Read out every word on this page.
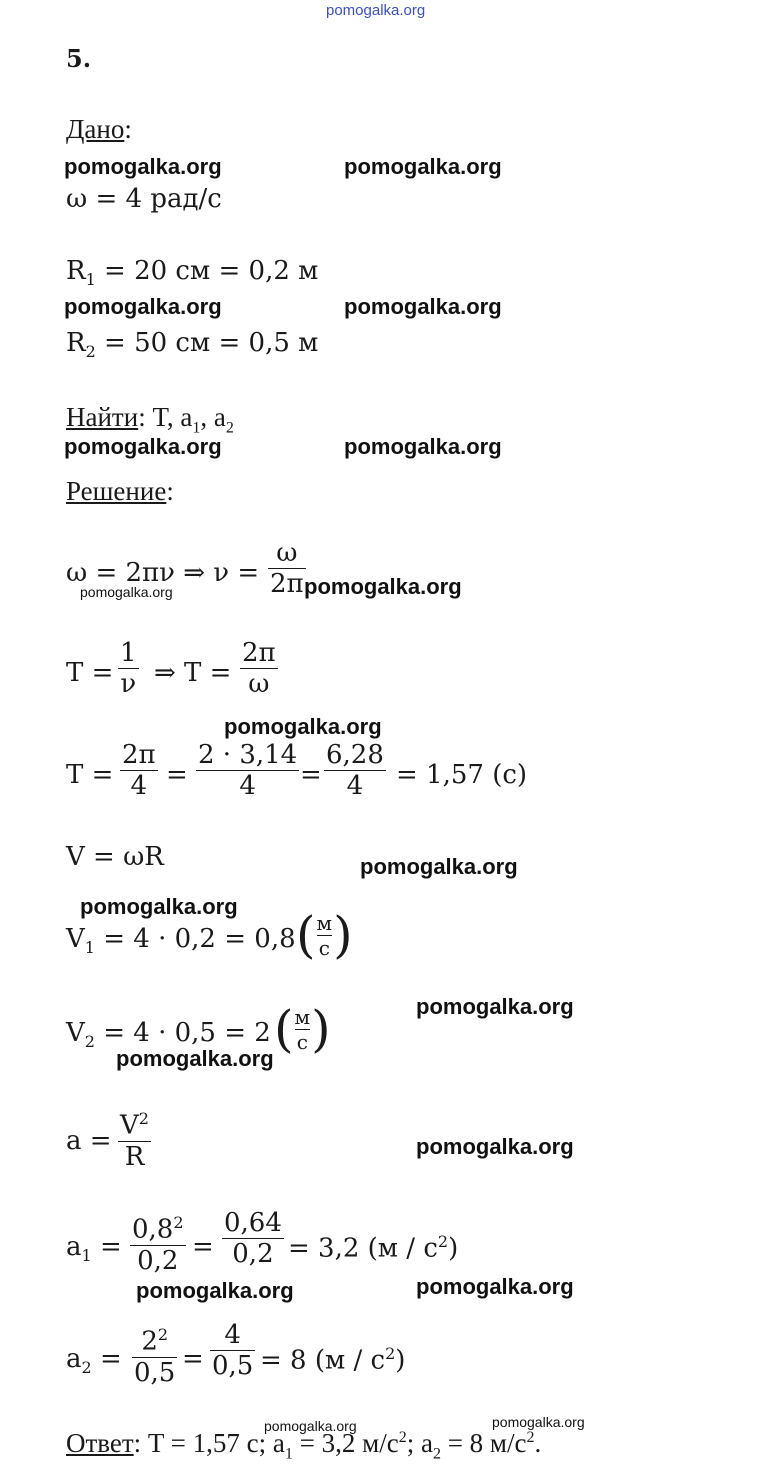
pomogalka.org
5.
Дано:
pomogalka.org	pomogalka.org
ω = 4 рад/с
$R_1 = 20$ см = 0,2 м
pomogalka.org	pomogalka.org
$R_2 = 50$ см = 0,5 м
Найти: T, $a_1$, $a_2$
pomogalka.org	pomogalka.org
Решение:
ω = 2πν ⇒ ν =
ω
2π
pomogalka.org	pomogalka.org
T =
1
ν ⇒ T =
2π
ω
pomogalka.org
T =
2π
4 =
2 · 3,14
4 =
6,28
4 = 1,57 (с)
V = ωR	pomogalka.org
pomogalka.org
$V_1 = 4 \cdot 0,2 = 0,8$ ( м
с )
pomogalka.org
$V_2 = 4 \cdot 0,5 = 2$ ( м
с )
pomogalka.org
a =
$V^2$
R	pomogalka.org
$a_1$ =
$0,8^2$
0,2 =
0,64
0,2 = 3,2 $(м / с^2)$
pomogalka.org	pomogalka.org
$a_2$ =
$2^2$
0,5 =
4
0,5 = 8 $(м / с^2)$
pomogalka.org	pomogalka.org
Ответ: T = 1,57 с; $a_1 = 3,2$ $м/с^2$; $a_2 = 8$ $м/с^2$.
